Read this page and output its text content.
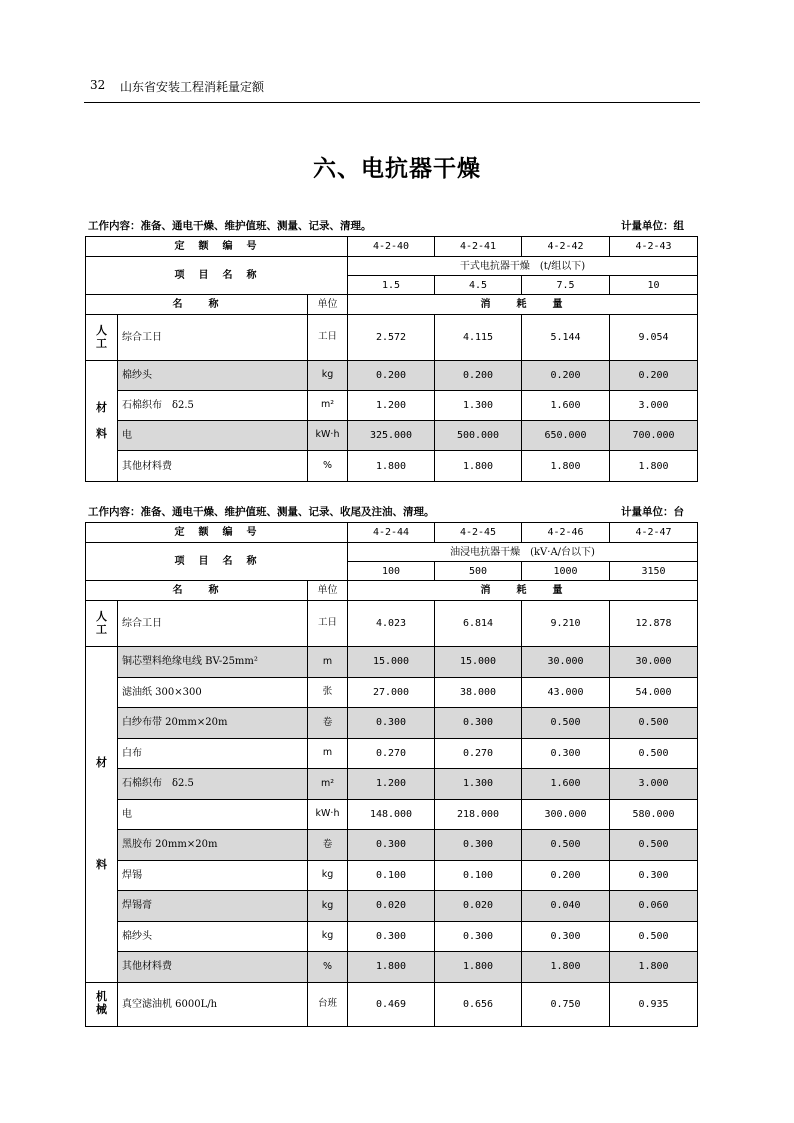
32 山东省安装工程消耗量定额
六、电抗器干燥
工作内容：准备、通电干燥、维护值班、测量、记录、清理。	计量单位：组
定　额　编　号			4-2-40	4-2-41	4-2-42	4-2-43
项　目　名　称			干式电抗器干燥　(t/组以下)			
			1.5	4.5	7.5	10
名　　称		单位	消　　耗　　量			
人工	综合工日	工日	2.572	4.115	5.144	9.054

材
料	棉纱头	kg	0.200	0.200	0.200	0.200
	石棉织布　δ2.5	m²	1.200	1.300	1.600	3.000
	电	kW·h	325.000	500.000	650.000	700.000
	其他材料费	%	1.800	1.800	1.800	1.800
工作内容：准备、通电干燥、维护值班、测量、记录、收尾及注油、清理。	计量单位：台
定　额　编　号			4-2-44	4-2-45	4-2-46	4-2-47
项　目　名　称			油浸电抗器干燥　(kV·A/台以下)			
			100	500	1000	3150
名　　称		单位	消　　耗　　量			
人工	综合工日	工日	4.023	6.814	9.210	12.878

材
料	铜芯塑料绝缘电线 BV-25mm²	m	15.000	15.000	30.000	30.000
	滤油纸 300×300	张	27.000	38.000	43.000	54.000
	白纱布带 20mm×20m	卷	0.300	0.300	0.500	0.500
	白布	m	0.270	0.270	0.300	0.500
	石棉织布　δ2.5	m²	1.200	1.300	1.600	3.000
	电	kW·h	148.000	218.000	300.000	580.000
	黑胶布 20mm×20m	卷	0.300	0.300	0.500	0.500
	焊锡	kg	0.100	0.100	0.200	0.300
	焊锡膏	kg	0.020	0.020	0.040	0.060
	棉纱头	kg	0.300	0.300	0.300	0.500
	其他材料费	%	1.800	1.800	1.800	1.800
机械	真空滤油机 6000L/h	台班	0.469	0.656	0.750	0.935
